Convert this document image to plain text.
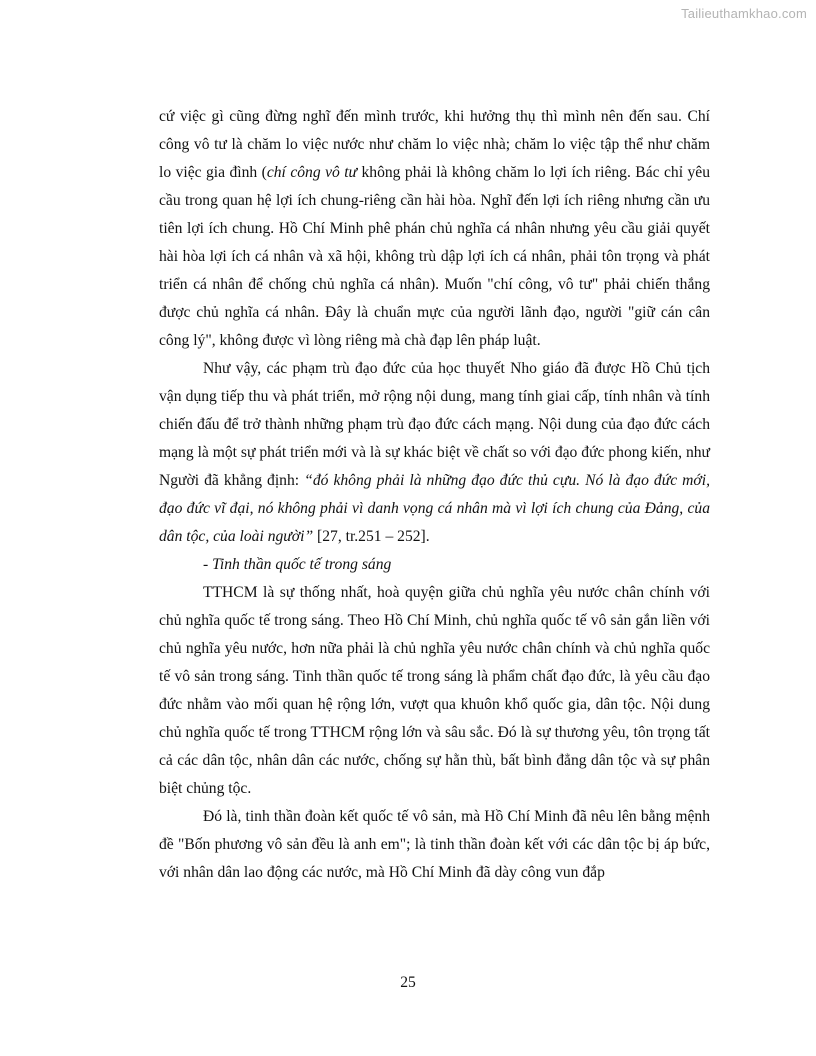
Tailieuthamkhao.com

cứ việc gì cũng đừng nghĩ đến mình trước, khi hưởng thụ thì mình nên đến sau. Chí công vô tư là chăm lo việc nước như chăm lo việc nhà; chăm lo việc tập thể như chăm lo việc gia đình (chí công vô tư không phải là không chăm lo lợi ích riêng. Bác chỉ yêu cầu trong quan hệ lợi ích chung-riêng cần hài hòa. Nghĩ đến lợi ích riêng nhưng cần ưu tiên lợi ích chung. Hồ Chí Minh phê phán chủ nghĩa cá nhân nhưng yêu cầu giải quyết hài hòa lợi ích cá nhân và xã hội, không trù dập lợi ích cá nhân, phải tôn trọng và phát triển cá nhân để chống chủ nghĩa cá nhân). Muốn "chí công, vô tư" phải chiến thắng được chủ nghĩa cá nhân. Đây là chuẩn mực của người lãnh đạo, người "giữ cán cân công lý", không được vì lòng riêng mà chà đạp lên pháp luật.

Như vậy, các phạm trù đạo đức của học thuyết Nho giáo đã được Hồ Chủ tịch vận dụng tiếp thu và phát triển, mở rộng nội dung, mang tính giai cấp, tính nhân và tính chiến đấu để trở thành những phạm trù đạo đức cách mạng. Nội dung của đạo đức cách mạng là một sự phát triển mới và là sự khác biệt về chất so với đạo đức phong kiến, như Người đã khẳng định: “đó không phải là những đạo đức thủ cựu. Nó là đạo đức mới, đạo đức vĩ đại, nó không phải vì danh vọng cá nhân mà vì lợi ích chung của Đảng, của dân tộc, của loài người” [27, tr.251 – 252].

- Tinh thần quốc tế trong sáng

TTHCM là sự thống nhất, hoà quyện giữa chủ nghĩa yêu nước chân chính với chủ nghĩa quốc tế trong sáng. Theo Hồ Chí Minh, chủ nghĩa quốc tế vô sản gắn liền với chủ nghĩa yêu nước, hơn nữa phải là chủ nghĩa yêu nước chân chính và chủ nghĩa quốc tế vô sản trong sáng. Tinh thần quốc tế trong sáng là phẩm chất đạo đức, là yêu cầu đạo đức nhằm vào mối quan hệ rộng lớn, vượt qua khuôn khổ quốc gia, dân tộc. Nội dung chủ nghĩa quốc tế trong TTHCM rộng lớn và sâu sắc. Đó là sự thương yêu, tôn trọng tất cả các dân tộc, nhân dân các nước, chống sự hằn thù, bất bình đẳng dân tộc và sự phân biệt chủng tộc.

Đó là, tinh thần đoàn kết quốc tế vô sản, mà Hồ Chí Minh đã nêu lên bằng mệnh đề "Bốn phương vô sản đều là anh em"; là tinh thần đoàn kết với các dân tộc bị áp bức, với nhân dân lao động các nước, mà Hồ Chí Minh đã dày công vun đắp

25
